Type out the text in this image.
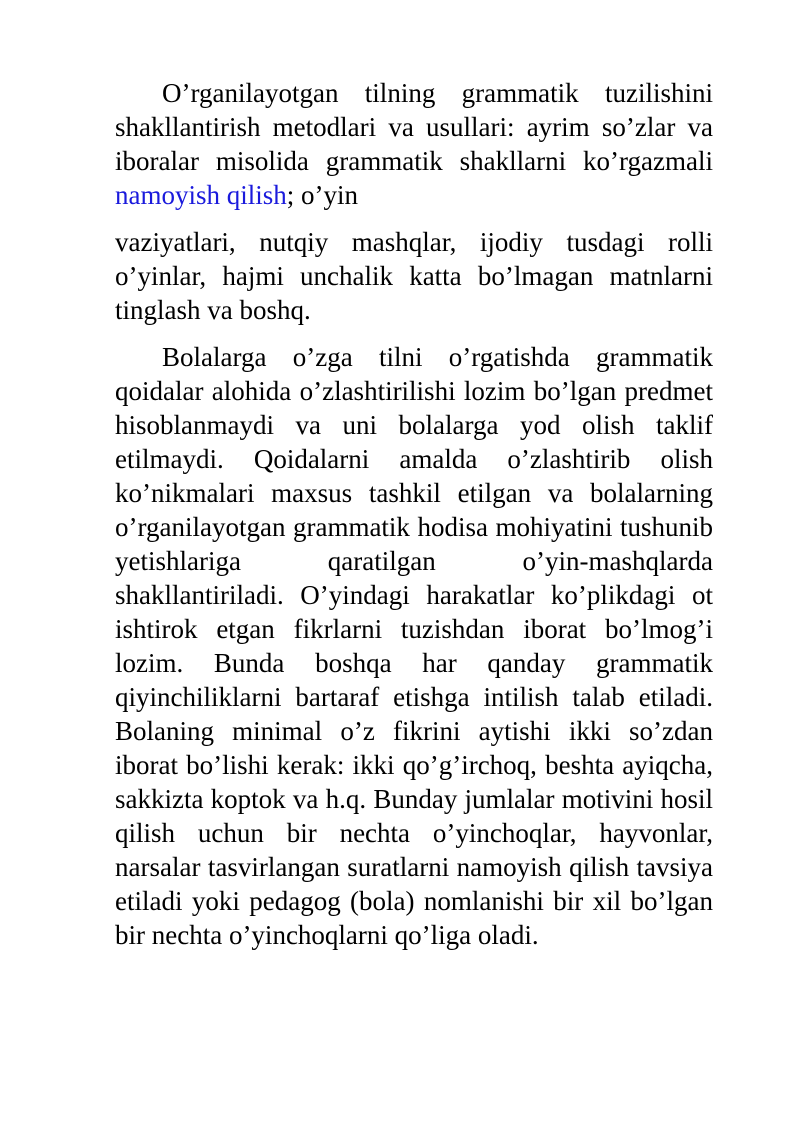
O’rganilayotgan tilning grammatik tuzilishini shakllantirish metodlari va usullari: ayrim so’zlar va iboralar misolida grammatik shakllarni ko’rgazmali namoyish qilish; o’yin

vaziyatlari, nutqiy mashqlar, ijodiy tusdagi rolli o’yinlar, hajmi unchalik katta bo’lmagan matnlarni tinglash va boshq.

Bolalarga o’zga tilni o’rgatishda grammatik qoidalar alohida o’zlashtirilishi lozim bo’lgan predmet hisoblanmaydi va uni bolalarga yod olish taklif etilmaydi. Qoidalarni amalda o’zlashtirib olish ko’nikmalari maxsus tashkil etilgan va bolalarning o’rganilayotgan grammatik hodisa mohiyatini tushunib yetishlariga qaratilgan o’yin-mashqlarda shakllantiriladi. O’yindagi harakatlar ko’plikdagi ot ishtirok etgan fikrlarni tuzishdan iborat bo’lmog’i lozim. Bunda boshqa har qanday grammatik qiyinchiliklarni bartaraf etishga intilish talab etiladi. Bolaning minimal o’z fikrini aytishi ikki so’zdan iborat bo’lishi kerak: ikki qo’g’irchoq, beshta ayiqcha, sakkizta koptok va h.q. Bunday jumlalar motivini hosil qilish uchun bir nechta o’yinchoqlar, hayvonlar, narsalar tasvirlangan suratlarni namoyish qilish tavsiya etiladi yoki pedagog (bola) nomlanishi bir xil bo’lgan bir nechta o’yinchoqlarni qo’liga oladi.
